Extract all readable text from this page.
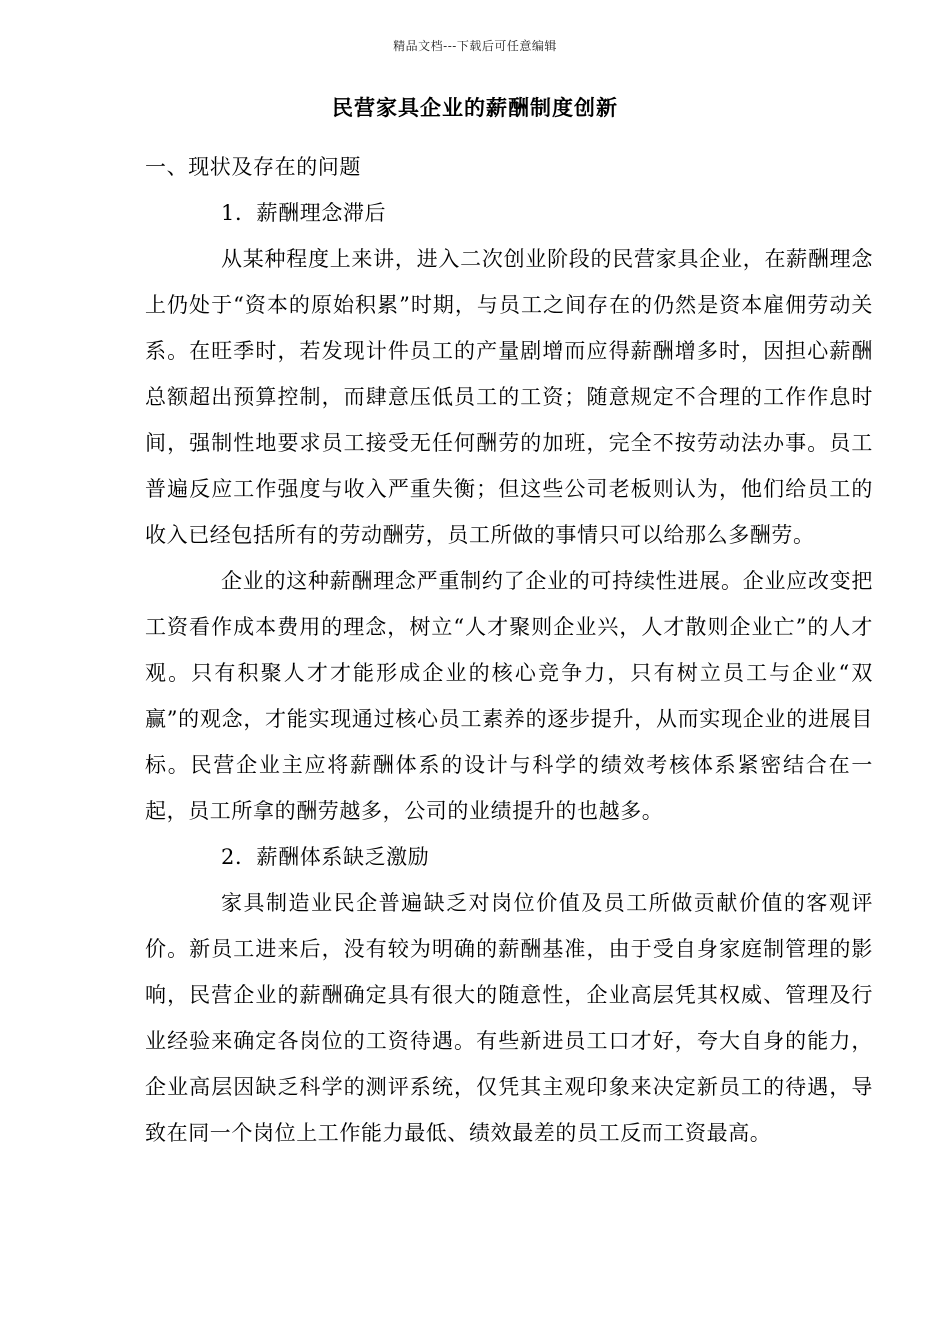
精品文档---下载后可任意编辑
民营家具企业的薪酬制度创新

一、现状及存在的问题

1．薪酬理念滞后

从某种程度上来讲，进入二次创业阶段的民营家具企业，在薪酬理念上仍处于“资本的原始积累”时期，与员工之间存在的仍然是资本雇佣劳动关系。在旺季时，若发现计件员工的产量剧增而应得薪酬增多时，因担心薪酬总额超出预算控制，而肆意压低员工的工资；随意规定不合理的工作作息时间，强制性地要求员工接受无任何酬劳的加班，完全不按劳动法办事。员工普遍反应工作强度与收入严重失衡；但这些公司老板则认为，他们给员工的收入已经包括所有的劳动酬劳，员工所做的事情只可以给那么多酬劳。

企业的这种薪酬理念严重制约了企业的可持续性进展。企业应改变把工资看作成本费用的理念，树立“人才聚则企业兴，人才散则企业亡”的人才观。只有积聚人才才能形成企业的核心竞争力，只有树立员工与企业“双赢”的观念，才能实现通过核心员工素养的逐步提升，从而实现企业的进展目标。民营企业主应将薪酬体系的设计与科学的绩效考核体系紧密结合在一起，员工所拿的酬劳越多，公司的业绩提升的也越多。

2．薪酬体系缺乏激励

家具制造业民企普遍缺乏对岗位价值及员工所做贡献价值的客观评价。新员工进来后，没有较为明确的薪酬基准，由于受自身家庭制管理的影响，民营企业的薪酬确定具有很大的随意性，企业高层凭其权威、管理及行业经验来确定各岗位的工资待遇。有些新进员工口才好，夸大自身的能力，企业高层因缺乏科学的测评系统，仅凭其主观印象来决定新员工的待遇，导致在同一个岗位上工作能力最低、绩效最差的员工反而工资最高。
